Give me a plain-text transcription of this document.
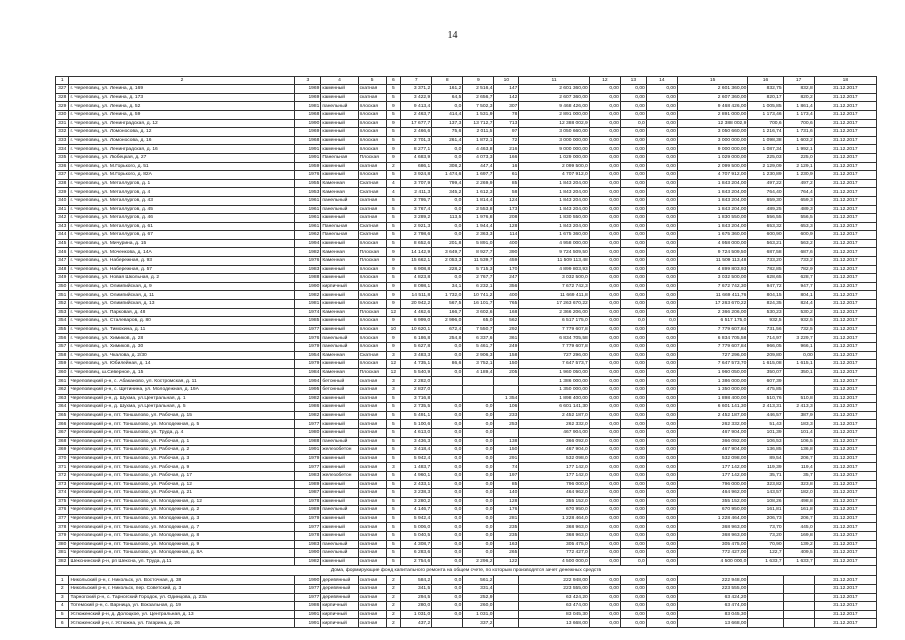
14
1	2	3	4	5	6	7	8	9	10	11	12	13	14	15	16	17	18
327	г. Череповец, ул. Ленина, д. 169	1969	каменный	скатная	5	3 371,2	161,2	2 516,4	147	2 601 360,00	0,00	0,00	0,00	2 601 360,00	832,75	832,8	31.12.2017
328	г. Череповец, ул. Ленина, д. 173	1969	каменный	скатная	5	3 422,9	64,5	2 656,7	142	2 607 360,00	0,00	0,00	0,00	2 607 360,00	820,17	820,2	31.12.2017
329	г. Череповец, ул. Ленина, д. 52	1981	панельный	плоская	9	9 413,4	0,0	7 502,3	307	9 468 426,00	0,00	0,00	0,00	9 468 426,00	1 005,85	1 861,4	31.12.2017
330	г. Череповец, ул. Ленина, д. 59	1968	каменный	плоская	5	2 463,7	414,4	1 531,9	78	2 891 000,00	0,00	0,00	0,00	2 891 000,00	1 173,46	1 173,4	31.12.2017
331	г. Череповец, ул. Ленинградская, д. 12	1990	каменный	плоская	9	17 677,7	137,3	13 712,7	713	12 388 002,9	0,00	0,0	0,00	12 388 002,9	700,6	700,6	31.12.2017
332	г. Череповец, ул. Ломоносова, д. 12	1969	каменный	плоская	5	2 466,6	75,6	2 011,5	97	3 050 660,00	0,00	0,00	0,00	3 050 660,00	1 216,74	1 731,6	31.12.2017
333	г. Череповец, ул. Ломоносова, д. 16	1968	каменный	плоская	5	2 701,3	261,4	1 872,1	72	3 000 000,00	0,00	0,00	0,00	3 000 000,00	1 098,38	1 603,2	31.12.2017
334	г. Череповец, ул. Ленинградская, д. 16	1991	каменный	плоская	9	8 277,1	0,0	4 463,8	216	9 000 000,00	0,00	0,00	0,00	9 000 000,00	1 087,34	1 992,1	31.12.2017
335	г. Череповец, ул. Любецкая, д. 27	1991	Панельная	Плоская	9	4 683,9	0,0	4 073,3	166	1 029 000,00	0,00	0,00	0,00	1 029 000,00	225,03	225,0	31.12.2017
336	г. Череповец, ул. М.Горького, д. 51	1959	каменный	скатная	2	686,1	308,2	447,4	16	2 099 500,0	0,00	0,00	0,00	2 099 500,00	2 129,09	2 129,1	31.12.2017
337	г. Череповец, ул. М.Горького, д. 82А	1976	каменный	плоская	5	3 924,8	1 474,6	1 697,7	61	4 707 912,0	0,00	0,00	0,00	4 707 912,00	1 230,89	1 230,9	31.12.2017
338	г. Череповец, ул. Металлургов, д. 1	1955	Каменная	Скатная	4	3 707,9	799,4	2 269,9	85	1 843 204,00	0,00	0,00	0,00	1 843 204,00	497,22	497,2	31.12.2017
339	г. Череповец, ул. Металлургов, д. 4	1953	Каменная	Скатная	4	2 411,3	345,2	1 612,3	58	1 843 204,00	0,00	0,00	0,00	1 843 204,00	764,40	764,4	31.12.2017
340	г. Череповец, ул. Металлургов, д. 43	1961	панельный	скатная	5	2 795,7	0,0	1 814,4	124	1 843 204,00	0,00	0,00	0,00	1 843 204,00	659,30	659,3	31.12.2017
341	г. Череповец, ул. Металлургов, д. 45	1961	панельный	скатная	5	3 767,4	0,0	2 553,8	173	1 843 204,00	0,00	0,00	0,00	1 843 204,00	489,25	489,3	31.12.2017
342	г. Череповец, ул. Металлургов, д. 46	1961	каменный	скатная	5	3 289,2	113,5	1 976,8	208	1 830 550,00	0,00	0,00	0,00	1 830 550,00	556,55	556,5	31.12.2017
343	г. Череповец, ул. Металлургов, д. 61	1961	Панельная	Скатная	5	2 921,3	0,0	1 944,4	128	1 843 204,00	0,00	0,00	0,00	1 843 204,00	653,32	653,3	31.12.2017
344	г. Череповец, ул. Металлургов, д. 67	1962	Панельная	Скатная	5	2 798,6	0,0	2 363,3	114	1 675 360,00	0,00	0,00	0,00	1 675 360,00	600,90	600,9	31.12.2017
345	г. Череповец, ул. Мичурина, д. 15	1994	каменный	плоская	5	8 652,6	201,8	5 891,0	400	4 958 000,00	0,00	0,00	0,00	4 958 000,00	563,21	563,2	31.12.2017
346	г. Череповец, ул. Моченкова, д. 14А	1982	Каменная	Плоская	9	14 142,9	3 649,7	8 927,7	390	9 724 509,50	0,00	0,00	0,00	9 724 509,50	687,58	687,6	31.12.2017
347	г. Череповец, ул. Набережная, д. 93	1976	Каменная	Плоская	9	15 662,1	2 053,3	11 539,7	459	11 509 113,48	0,00	0,00	0,00	11 509 113,48	733,20	733,2	31.12.2017
348	г. Череповец, ул. Набережная, д. 57	1983	каменный	плоская	9	6 908,8	228,2	5 715,3	170	4 899 803,93	0,00	0,00	0,00	4 899 803,93	782,85	782,9	31.12.2017
349	г. Череповец, ул. Новая Школьная, д. 2	1988	каменный	плоская	5	4 823,8	0,0	2 767,7	247	3 032 500,0	0,00	0,00	0,00	3 032 500,00	628,65	628,7	31.12.2017
350	г. Череповец, ул. Олимпийская, д. 9	1990	кирпичный	плоская	9	8 098,1	34,1	6 232,1	356	7 672 742,3	0,00	0,00	0,00	7 672 742,30	947,72	947,7	31.12.2017
351	г. Череповец, ул. Олимпийская, д. 11	1982	каменный	плоская	9	14 511,8	1 732,0	10 741,2	400	11 669 411,8	0,00	0,00	0,00	11 669 411,76	804,15	804,1	31.12.2017
352	г. Череповец, ул. Олимпийская, д. 13	1981	каменный	плоская	9	20 942,2	567,5	16 101,7	765	17 263 670,22	0,00	0,00	0,00	17 263 670,22	824,35	824,4	31.12.2017
353	г. Череповец, ул. Парковая, д. 48	1974	Каменная	Плоская	12	4 462,6	166,7	3 602,6	168	2 366 206,00	0,00	0,00	0,00	2 366 206,00	530,23	530,2	31.12.2017
354	г. Череповец, ул. Сталеваров, д. 80	1985	каменный	плоская	9	6 999,0	2 996,0	65,0	562	6 517 175,0	0,00	0,0	0,0	6 517 175,0	932,5	932,5	31.12.2017
355	г. Череповец, ул. Тимохина, д. 11	1977	каменный	плоская	10	10 620,1	672,4	7 550,7	292	7 779 607,8	0,00	0,00	0,00	7 779 607,84	731,56	732,5	31.12.2017
356	г. Череповец, ул. Химиков, д. 28	1976	панельный	плоская	9	6 186,8	254,8	6 337,6	361	6 834 705,58	0,00	0,00	0,00	6 834 705,58	714,97	3 229,7	31.12.2017
357	г. Череповец, ул. Химиков, д. 30	1979	панельный	плоская	9	5 627,8	0,0	5 461,7	249	7 779 607,8	0,00	0,00	0,00	7 779 607,84	966,05	966,1	31.12.2017
358	г. Череповец, ул. Чкалова, д. 2/30	1954	Каменная	Скатная	3	3 483,3	0,0	2 906,3	158	727 296,00	0,00	0,00	0,00	727 296,00	209,80	0,00	31.12.2017
359	г. Череповец, ул. Юбилейная, д. 14	1979	каменный	плоская	12	4 735,1	86,6	3 752,1	150	7 647 573,7	0,00	0,00	0,00	7 647 573,70	1 615,08	1 615,1	31.12.2017
360	г. Череповец, ш.Северное, д. 15	1984	Каменная	Плоская	12	5 540,9	0,0	4 189,4	205	1 960 050,00	0,00	0,00	0,00	1 960 050,00	350,07	350,1	31.12.2017
361	Череповецкий р-н, с. Абакановo, ул. Костромская, д. 11	1994	бетонный	скатная	3	2 282,0				1 386 000,00	0,00	0,00	0,00	1 386 000,00	607,39		31.12.2017
362	Череповецкий р-н, с. Щетинина, ул. Молодежная, д. 19А	1995	бетонный	скатная	3	2 837,0				1 350 000,00	0,00	0,00	0,00	1 350 000,00	475,85		31.12.2017
363	Череповецкий р-н, д. Шухма, ул.Центральная, д. 1	1982	каменный	скатная	5	3 716,8			1 354	1 898 400,00	0,00	0,00	0,00	1 898 400,00	510,76	510,8	31.12.2017
364	Череповецкий р-н, д. Шухма, ул.Центральная, д. 5	1986	каменный	скатная	5	2 735,5	0,0	0,0	106	6 601 141,30	0,00	0,00	0,00	6 601 141,30	2 413,31	2 413,3	31.12.2017
365	Череповецкий р-н, пгт. Тоншалово, ул. Рабочая, д. 15	1982	каменный	скатная	5	5 491,1	0,0	0,0	233	2 452 187,0	0,00	0,00	0,00	2 452 187,00	446,57	387,9	31.12.2017
366	Череповецкий р-н, пгт. Тоншалово, ул. Молодежная, д. 5	1977	каменный	скатная	5	5 100,6	0,0	0,0	253	262 332,0	0,00	0,00	0,00	262 332,00	51,43	183,3	31.12.2017
367	Череповецкий р-н, пгт. Тоншалово, ул. Труда, д. 4	1980	каменный	скатная	5	4 613,0	0,0	0,0		467 904,00	0,00	0,00	0,00	467 904,00	101,39	101,4	31.12.2017
368	Череповецкий р-н, пгт. Тоншалово, ул. Рабочая, д. 1	1988	панельный	скатная	5	3 436,3	0,0	0,0	138	366 092,0	0,00	0,00	0,00	366 092,00	106,53	106,5	31.12.2017
369	Череповецкий р-н, пгт. Тоншалово, ул. Рабочая, д. 2	1991	железобетон	скатная	5	3 418,4	0,0	0,0	150	467 904,0	0,00	0,00	0,00	467 904,00	136,85	136,8	31.12.2017
370	Череповецкий р-н, пгт. Тоншалово, ул. Рабочая, д. 3	1979	каменный	скатная	5	5 942,4	0,0	0,0	291	532 098,0	0,00	0,00	0,00	532 098,00	89,54	206,7	31.12.2017
371	Череповецкий р-н, пгт. Тоншалово, ул. Рабочая, д. 9	1977	каменный	скатная	3	1 483,7	0,0	0,0	74	177 142,0	0,00	0,00	0,00	177 142,00	119,39	119,4	31.12.2017
372	Череповецкий р-н, пгт. Тоншалово, ул. Рабочая, д. 17	1983	железобетон	скатная	5	4 960,1	0,0	0,0	197	177 142,0	0,00	0,00	0,00	177 142,00	35,71	35,7	31.12.2017
373	Череповецкий р-н, пгт. Тоншалово, ул. Рабочая, д. 12	1989	каменный	скатная	5	2 433,1	0,0	0,0	85	796 000,0	0,00	0,00	0,00	796 000,00	323,82	323,8	31.12.2017
374	Череповецкий р-н, пгт. Тоншалово, ул. Рабочая, д. 21	1987	каменный	скатная	5	3 238,3	0,0	0,0	140	464 962,0	0,00	0,00	0,00	464 962,00	143,57	182,0	31.12.2017
375	Череповецкий р-н, пгт. Тоншалово, ул. Молодежная, д. 12	1978	каменный	скатная	5	3 280,2	0,0	0,0	128	355 152,0	0,00	0,00	0,00	355 152,00	108,26	498,8	31.12.2017
376	Череповецкий р-н, пгт. Тоншалово, ул. Молодежная, д. 2	1989	панельный	скатная	5	4 146,7	0,0	0,0	176	670 950,0	0,00	0,00	0,00	670 950,00	161,81	161,8	31.12.2017
377	Череповецкий р-н, пгт. Тоншалово, ул. Молодежная, д. 3	1979	каменный	скатная	5	5 942,4	0,0	0,0	281	1 228 464,0	0,00	0,00	0,00	1 228 464,00	206,73	206,7	31.12.2017
378	Череповецкий р-н, пгт. Тоншалово, ул. Молодежная, д. 7	1977	каменный	скатная	5	5 006,0	0,0	0,0	235	368 963,0	0,00	0,00	0,00	368 963,00	73,70	445,0	31.12.2017
379	Череповецкий р-н, пгт. Тоншалово, ул. Молодежная, д. 8	1978	каменный	скатная	5	5 040,5	0,0	0,0	235	368 963,0	0,00	0,00	0,00	368 963,00	73,20	169,8	31.12.2017
380	Череповецкий р-н, пгт. Тоншалово, ул. Молодежная, д. 9	1983	панельный	скатная	5	4 308,7	0,0	0,0	163	305 475,0	0,00	0,00	0,00	305 475,00	70,90	139,2	31.12.2017
381	Череповецкий р-н, пгт. Тоншалово, ул. Молодежная, д. 8А	1990	панельный	скатная	5	6 283,6	0,0	0,0	265	772 427,0	0,00	0,00	0,00	772 427,00	122,7	409,5	31.12.2017
382	Шекснинский р-н, рп Шексна, ул. Труда, д.11	1982	каменный	скатная	5	2 754,6	0,0	2 296,2	122	4 500 000,0	0,00	0,0	0,00	4 500 000,0	1 633,7	1 633,7	31.12.2017
Дома, формирующие фонд капитального ремонта на общем счете, по которым производятся зачет денежных средств																	
1	Никольский р-н, г. Никольск, ул. Восточная, д. 38	1990	деревянный	скатная	2	584,2	0,0	561,2		222 948,00	0,00	0,00	0,00	222 948,00			31.12.2017
2	Никольский р-н, г. Никольск, пер. Советский, д. 3	1977	деревянный	скатная	2	341,5	0,0	331,4		223 555,00	0,00	0,00	0,00	223 555,00			31.12.2017
3	Тарногский р-н, с. Тарногский Городок, ул. Одинцова, д. 23а	1977	деревянный	скатная	2	294,5	0,0	252,9		63 424,20	0,00	0,00	0,00	63 424,20			31.12.2017
4	Тотемский р-н, с. Варница, ул. Вокзальная, д. 19	1986	кирпичный	скатная	2	280,0	0,0	260,0		63 474,00	0,00	0,00	0,00	63 474,00			31.12.2017
5	Устюженский р-н, д. Долоцкое, ул. Центральная, д. 13	1991	кирпичный	скатная	2	1 031,0	0,0	1 031,0		83 045,30	0,00	0,00	0,00	83 045,30			31.12.2017
6	Устюженский р-н, г. Устюжна, ул. Гагарина, д. 26	1991	кирпичный	скатная	2	437,2		337,2		13 668,00	0,00	0,00	0,00	13 668,00			31.12.2017
